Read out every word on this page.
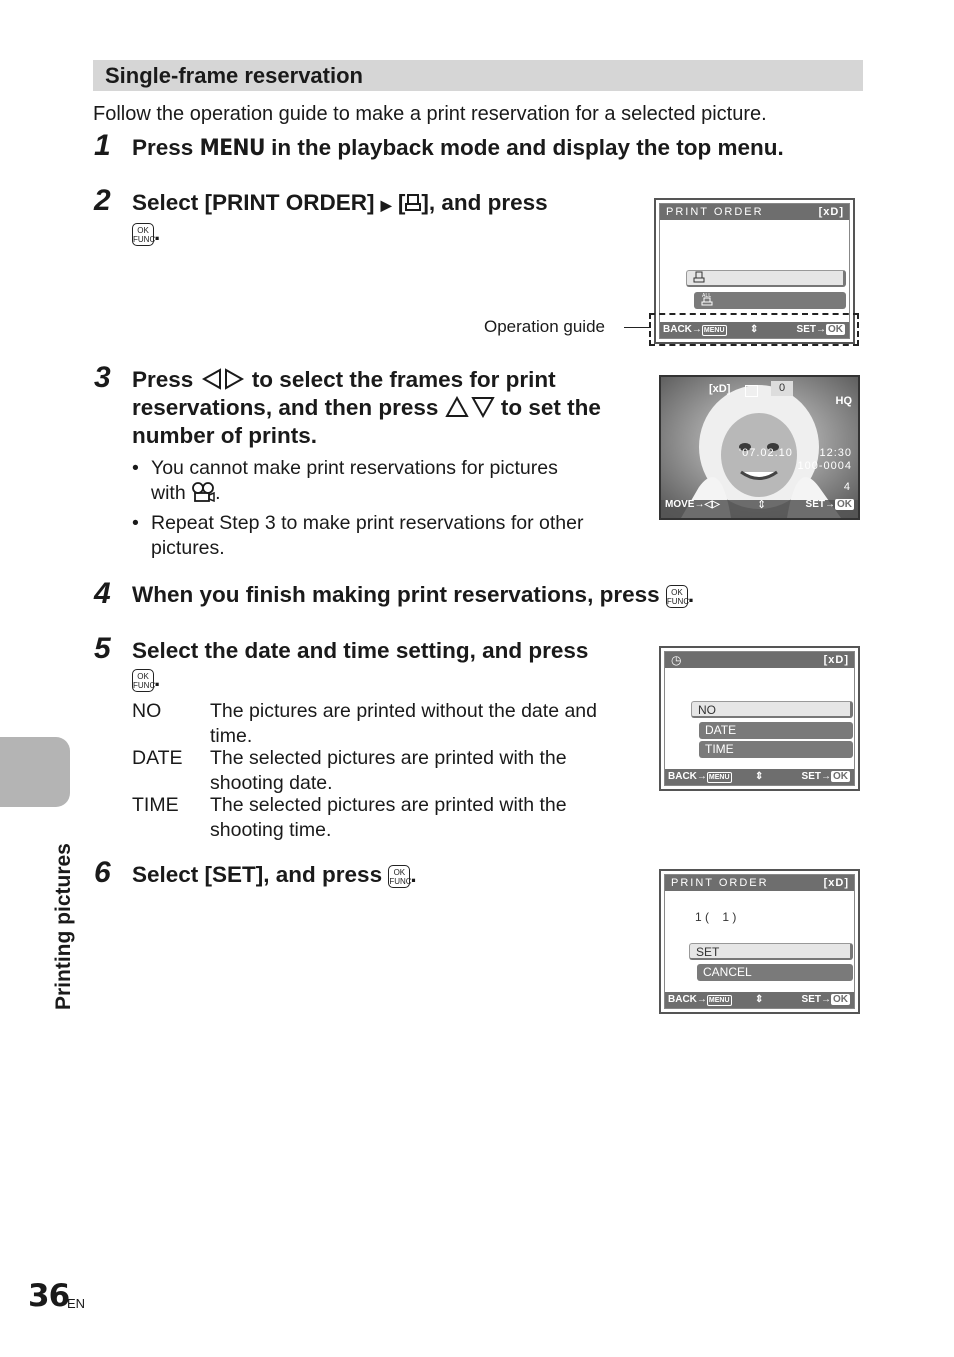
Single-frame reservation
Follow the operation guide to make a print reservation for a selected picture.
1 Press MENU in the playback mode and display the top menu.
2 Select [PRINT ORDER] ▶ [ ], and press

OK
FUNC
.
PRINT ORDER	[xD]
ALL
BACK→ MENU	⇕	SET→ OK
Operation guide
3 Press  to select the frames for print
reservations, and then press  to set the
number of prints.
• You cannot make print reservations for pictures
with .
• Repeat Step 3 to make print reservations for other
pictures.
[xD]	0
HQ
'07.02.10 12:30
100-0004
4
MOVE→◁▷	⇕	SET→ OK
4 When you finish making print reservations, press OK
FUNC
.
5 Select the date and time setting, and press

OK
FUNC
.
NO	The pictures are printed without the date and
time.
DATE The selected pictures are printed with the
shooting date.
TIME The selected pictures are printed with the
shooting time.
◷	[xD]
NO
DATE
TIME
BACK→ MENU	⇕	SET→ OK
6 Select [SET], and press OK
FUNC
.	PRINT ORDER	[xD]
1 (    1 )
SET
CANCEL
BACK→ MENU	⇕	SET→ OK
Printing pictures
36
EN
